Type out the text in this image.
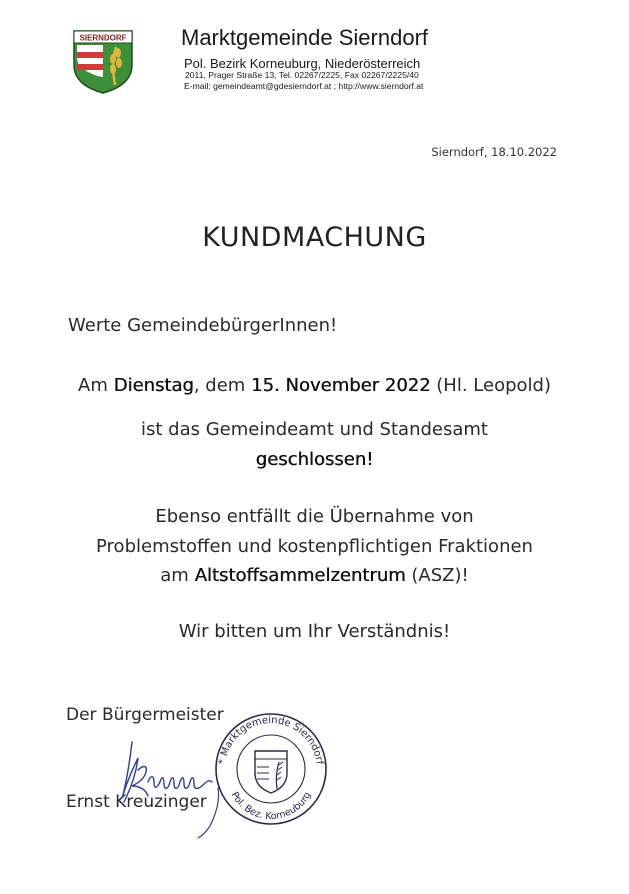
SIERNDORF Marktgemeinde Sierndorf
Pol. Bezirk Korneuburg, Niederösterreich
2011, Prager Straße 13, Tel. 02267/2225, Fax 02267/2225/40
E-mail: gemeindeamt@gdesierndorf.at ; http://www.sierndorf.at
Sierndorf, 18.10.2022
KUNDMACHUNG
Werte GemeindebürgerInnen!
Am Dienstag, dem 15. November 2022 (Hl. Leopold)
ist das Gemeindeamt und Standesamt
geschlossen!
Ebenso entfällt die Übernahme von
Problemstoffen und kostenpflichtigen Fraktionen
am Altstoffsammelzentrum (ASZ)!
Wir bitten um Ihr Verständnis!
Der Bürgermeister
Ernst Kreuzinger
* Marktgemeinde Sierndorf
Pol. Bez. Korneuburg
